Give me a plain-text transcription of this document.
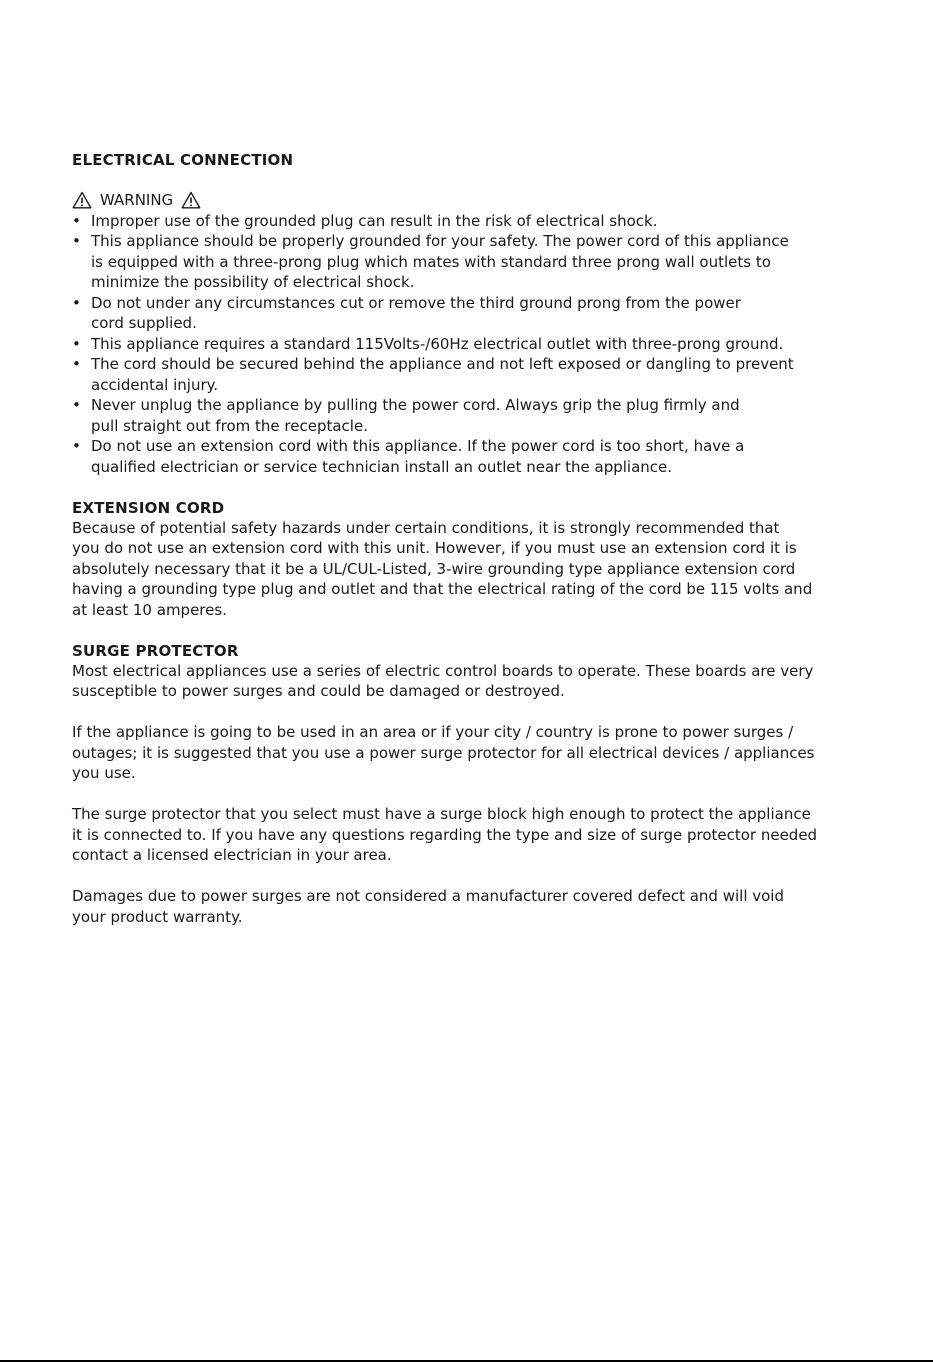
ELECTRICAL CONNECTION
WARNING
• Improper use of the grounded plug can result in the risk of electrical shock.
• This appliance should be properly grounded for your safety. The power cord of this appliance
is equipped with a three-prong plug which mates with standard three prong wall outlets to
minimize the possibility of electrical shock.
• Do not under any circumstances cut or remove the third ground prong from the power
cord supplied.
• This appliance requires a standard 115Volts-/60Hz electrical outlet with three-prong ground.
• The cord should be secured behind the appliance and not left exposed or dangling to prevent
accidental injury.
• Never unplug the appliance by pulling the power cord. Always grip the plug firmly and
pull straight out from the receptacle.
• Do not use an extension cord with this appliance. If the power cord is too short, have a
qualified electrician or service technician install an outlet near the appliance.
EXTENSION CORD

Because of potential safety hazards under certain conditions, it is strongly recommended that
you do not use an extension cord with this unit. However, if you must use an extension cord it is
absolutely necessary that it be a UL/CUL-Listed, 3-wire grounding type appliance extension cord
having a grounding type plug and outlet and that the electrical rating of the cord be 115 volts and
at least 10 amperes.

SURGE PROTECTOR

Most electrical appliances use a series of electric control boards to operate. These boards are very
susceptible to power surges and could be damaged or destroyed.

If the appliance is going to be used in an area or if your city / country is prone to power surges /
outages; it is suggested that you use a power surge protector for all electrical devices / appliances
you use.

The surge protector that you select must have a surge block high enough to protect the appliance
it is connected to. If you have any questions regarding the type and size of surge protector needed
contact a licensed electrician in your area.

Damages due to power surges are not considered a manufacturer covered defect and will void
your product warranty.
